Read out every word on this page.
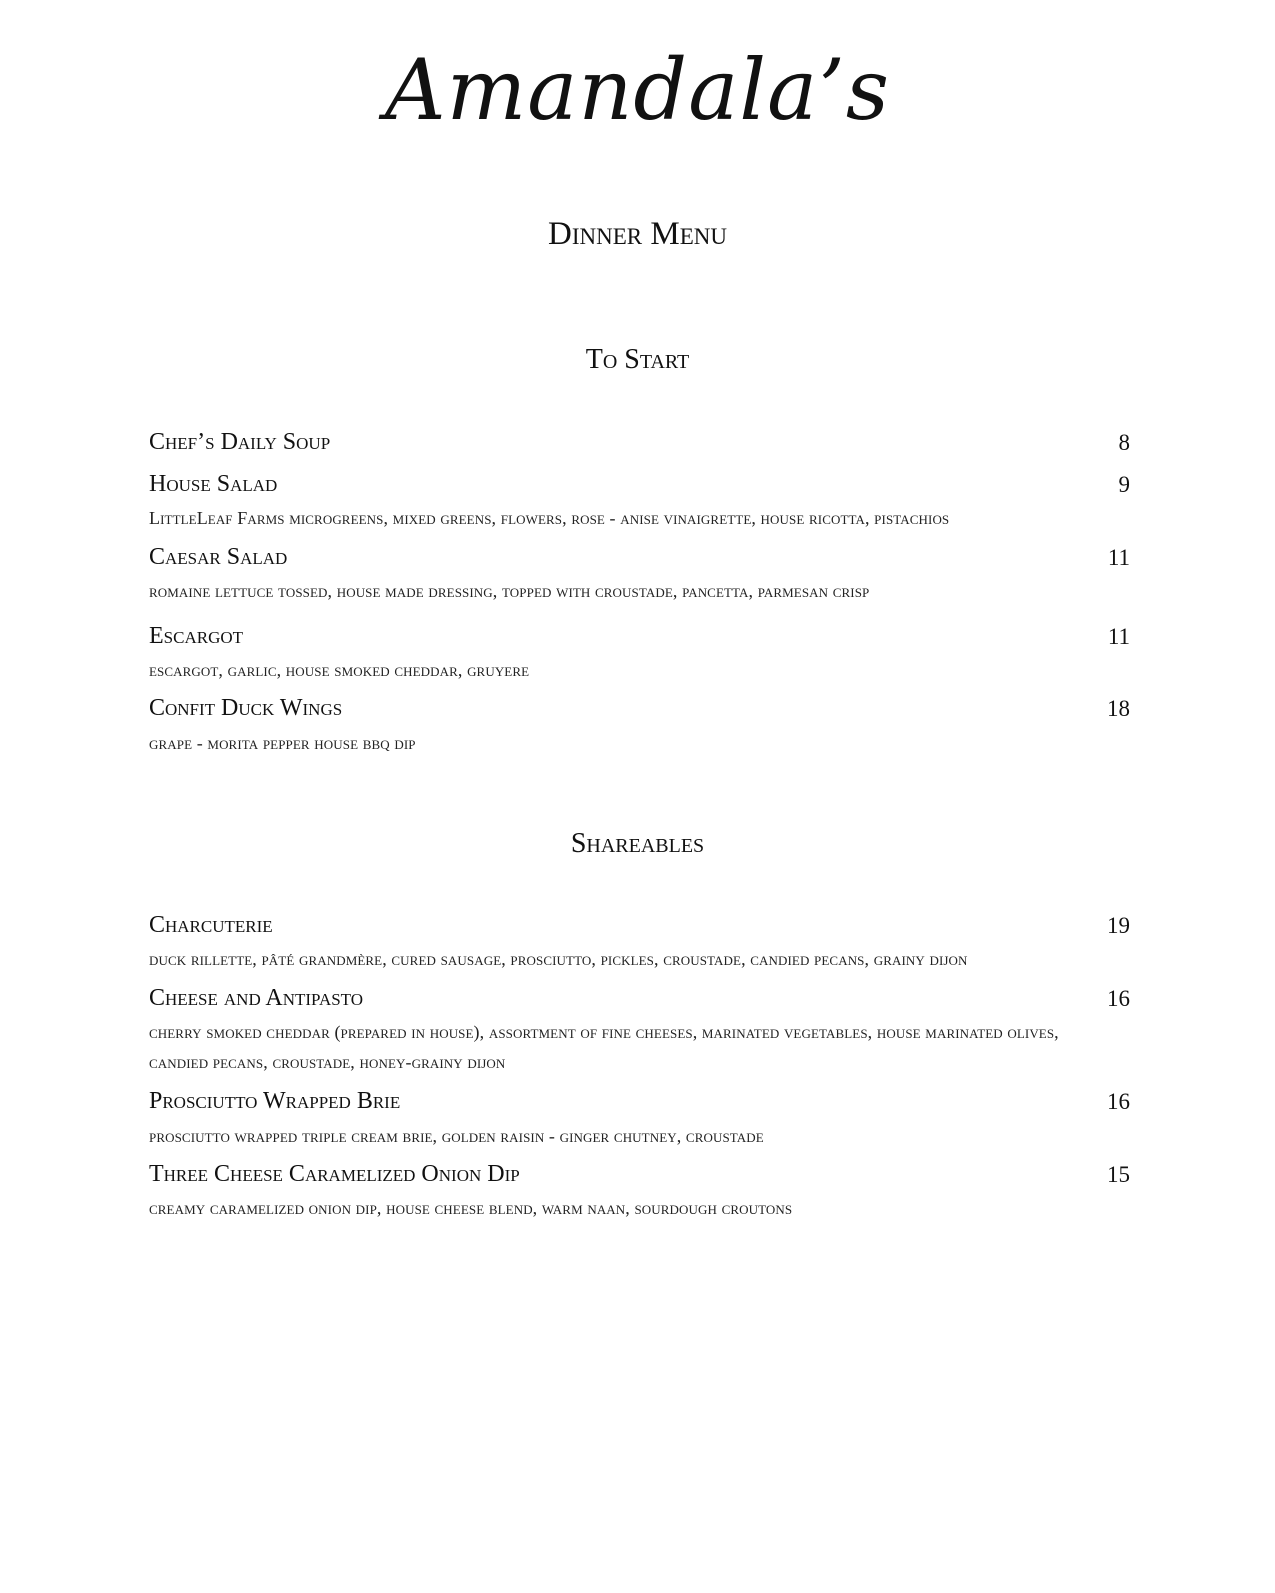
Amandala’s
Dinner Menu
To Start
Chef’s Daily Soup	8
House Salad	9
LittleLeaf Farms microgreens, mixed greens, flowers, rose - anise vinaigrette, house ricotta, pistachios
Caesar Salad	11
romaine lettuce tossed, house made dressing, topped with croustade, pancetta, parmesan crisp
Escargot	11
escargot, garlic, house smoked cheddar, gruyere
Confit Duck Wings	18
grape - morita pepper house bbq dip
Shareables
Charcuterie	19
duck rillette, pâté grandmère, cured sausage, prosciutto, pickles, croustade, candied pecans, grainy dijon
Cheese and Antipasto	16
cherry smoked cheddar (prepared in house), assortment of fine cheeses, marinated vegetables, house marinated olives, candied pecans, croustade, honey-grainy dijon
Prosciutto Wrapped Brie	16
prosciutto wrapped triple cream brie, golden raisin - ginger chutney, croustade
Three Cheese Caramelized Onion Dip	15
creamy caramelized onion dip, house cheese blend, warm naan, sourdough croutons
